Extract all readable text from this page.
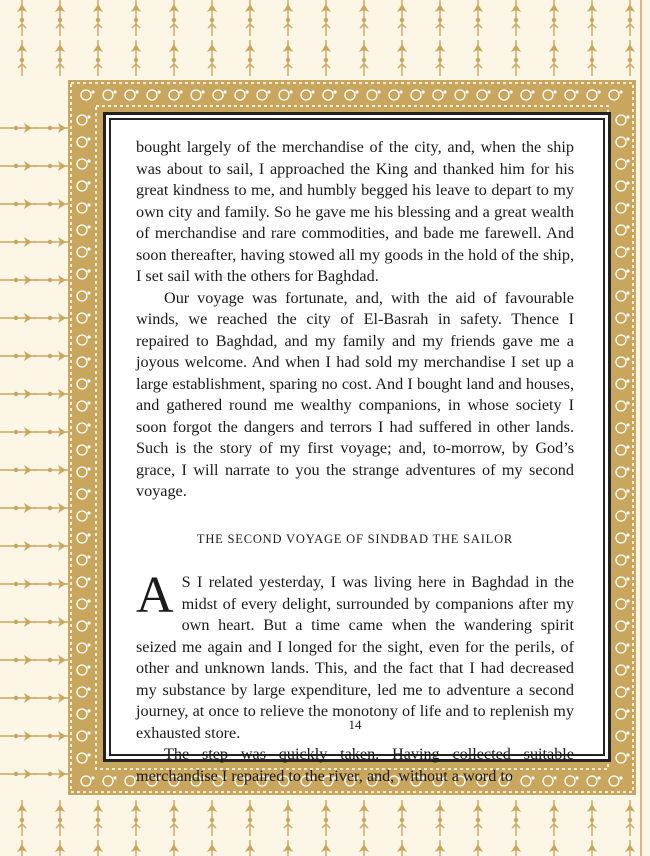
bought largely of the merchandise of the city, and, when the ship was about to sail, I approached the King and thanked him for his great kindness to me, and humbly begged his leave to depart to my own city and family. So he gave me his blessing and a great wealth of merchandise and rare commodities, and bade me farewell. And soon thereafter, having stowed all my goods in the hold of the ship, I set sail with the others for Baghdad.

Our voyage was fortunate, and, with the aid of favourable winds, we reached the city of El-Basrah in safety. Thence I repaired to Baghdad, and my family and my friends gave me a joyous welcome. And when I had sold my merchandise I set up a large establishment, sparing no cost. And I bought land and houses, and gathered round me wealthy companions, in whose society I soon forgot the dangers and terrors I had suffered in other lands. Such is the story of my first voyage; and, to-morrow, by God’s grace, I will narrate to you the strange adventures of my second voyage.

THE SECOND VOYAGE OF SINDBAD THE SAILOR

A S I related yesterday, I was living here in Baghdad in the midst of every delight, surrounded by companions after my own heart. But a time came when the wandering spirit seized me again and I longed for the sight, even for the perils, of other and unknown lands. This, and the fact that I had decreased my substance by large expenditure, led me to adventure a second journey, at once to relieve the monotony of life and to replenish my exhausted store.

The step was quickly taken. Having collected suitable merchandise I repaired to the river, and, without a word to

14
